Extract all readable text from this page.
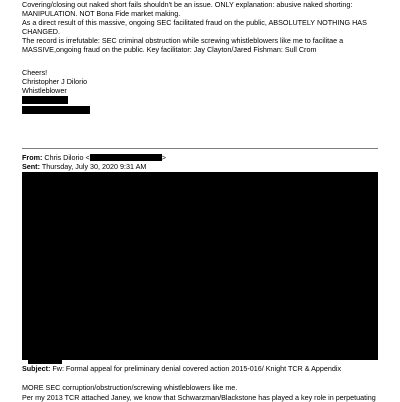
Covering/closing out naked short fails shouldn't be an issue. ONLY explanation: abusive naked shorting:

MANIPULATION. NOT Bona Fide market making.

As a direct result of this massive, ongoing SEC facilitated fraud on the public, ABSOLUTELY NOTHING HAS

CHANGED.

The record is irrefutable: SEC criminal obstruction while screwing whistleblowers like me to facilitae a

MASSIVE,ongoing fraud on the public. Key facilitator: Jay Clayton/Jared Fishman: Sull Crom

Cheers!

Christopher J Dilorio

Whistleblower

From: Chris Dilorio <	>

Sent: Thursday, July 30, 2020 9:31 AM

Subject: Fw: Formal appeal for preliminary denial covered action 2015-016/ Knight TCR & Appendix

MORE SEC corruption/obstruction/screwing whistleblowers like me.

Per my 2013 TCR attached Janey, we know that Schwarzman/Blackstone has played a key role in perpetuating
